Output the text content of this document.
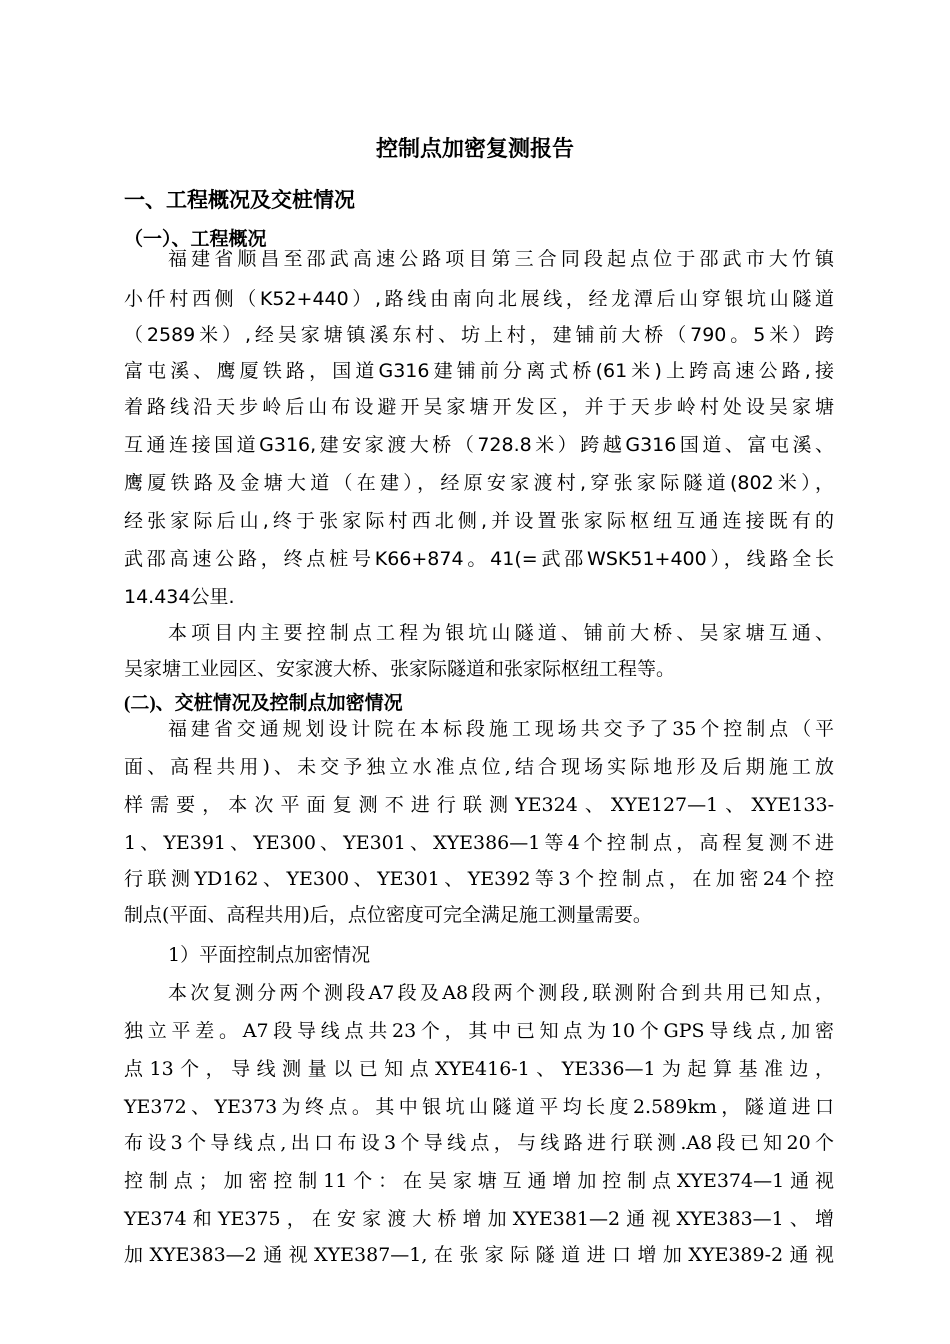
控制点加密复测报告
一、工程概况及交桩情况
（一）、工程概况
福建省顺昌至邵武高速公路项目第三合同段起点位于邵武市大竹镇
小仟村西侧（K52+440）,路线由南向北展线，经龙潭后山穿银坑山隧道
（2589米）,经吴家塘镇溪东村、坊上村，建铺前大桥（790。5米）跨
富屯溪、鹰厦铁路，国道G316建铺前分离式桥(61米)上跨高速公路,接
着路线沿天步岭后山布设避开吴家塘开发区，并于天步岭村处设吴家塘
互通连接国道G316,建安家渡大桥（728.8米）跨越G316国道、富屯溪、
鹰厦铁路及金塘大道（在建），经原安家渡村,穿张家际隧道(802米），
经张家际后山,终于张家际村西北侧,并设置张家际枢纽互通连接既有的
武邵高速公路，终点桩号K66+874。41(=武邵WSK51+400），线路全长
14.434公里.
本项目内主要控制点工程为银坑山隧道、铺前大桥、吴家塘互通、
吴家塘工业园区、安家渡大桥、张家际隧道和张家际枢纽工程等。
(二)、交桩情况及控制点加密情况
福建省交通规划设计院在本标段施工现场共交予了35个控制点（平
面、高程共用)、未交予独立水准点位,结合现场实际地形及后期施工放
样需要，本次平面复测不进行联测YE324、XYE127—1、XYE133-
1、YE391、YE300、YE301、XYE386—1等4个控制点，高程复测不进
行联测YD162、YE300、YE301、YE392等3个控制点，在加密24个控
制点(平面、高程共用)后，点位密度可完全满足施工测量需要。
1）平面控制点加密情况
本次复测分两个测段A7段及A8段两个测段,联测附合到共用已知点，
独立平差。A7段导线点共23个，其中已知点为10个GPS导线点,加密
点13个，导线测量以已知点XYE416-1、YE336—1为起算基准边，
YE372、YE373为终点。其中银坑山隧道平均长度2.589km，隧道进口
布设3个导线点,出口布设3个导线点，与线路进行联测.A8段已知20个
控制点；加密控制11个：在吴家塘互通增加控制点XYE374—1通视
YE374和YE375，在安家渡大桥增加XYE381—2通视XYE383—1、增
加XYE383—2通视XYE387—1,在张家际隧道进口增加XYE389-2通视
